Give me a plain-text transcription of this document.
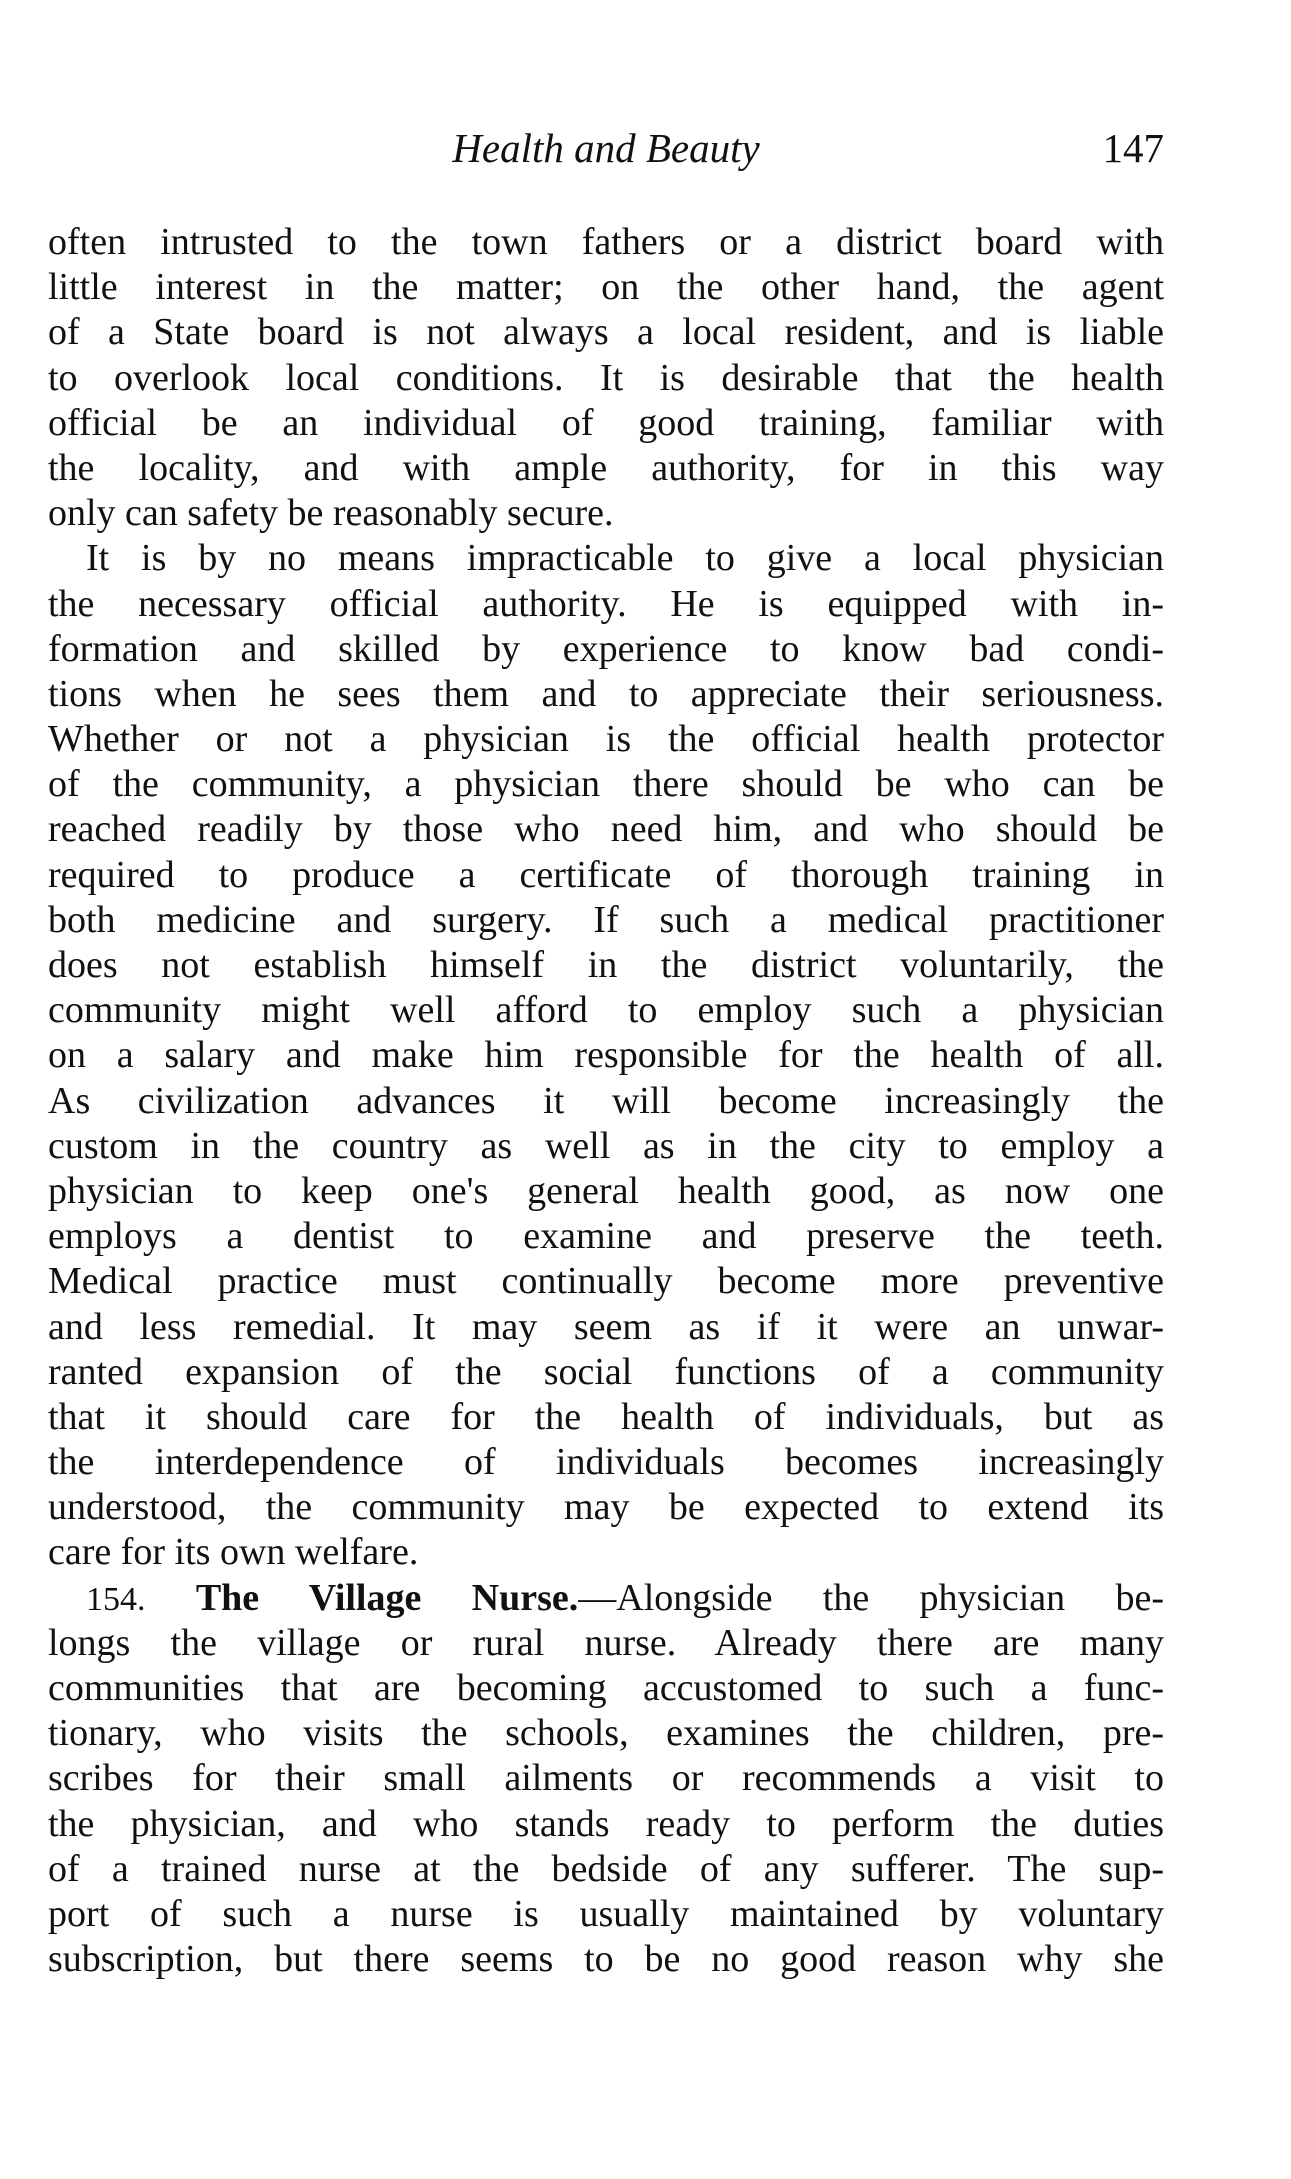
Health and Beauty	147
often intrusted to the town fathers or a district board with
little interest in the matter; on the other hand, the agent
of a State board is not always a local resident, and is liable
to overlook local conditions. It is desirable that the health
official be an individual of good training, familiar with
the locality, and with ample authority, for in this way
only can safety be reasonably secure.
It is by no means impracticable to give a local physician
the necessary official authority. He is equipped with in-
formation and skilled by experience to know bad condi-
tions when he sees them and to appreciate their seriousness.
Whether or not a physician is the official health protector
of the community, a physician there should be who can be
reached readily by those who need him, and who should be
required to produce a certificate of thorough training in
both medicine and surgery. If such a medical practitioner
does not establish himself in the district voluntarily, the
community might well afford to employ such a physician
on a salary and make him responsible for the health of all.
As civilization advances it will become increasingly the
custom in the country as well as in the city to employ a
physician to keep one's general health good, as now one
employs a dentist to examine and preserve the teeth.
Medical practice must continually become more preventive
and less remedial. It may seem as if it were an unwar-
ranted expansion of the social functions of a community
that it should care for the health of individuals, but as
the interdependence of individuals becomes increasingly
understood, the community may be expected to extend its
care for its own welfare.
154. The Village Nurse.—Alongside the physician be-
longs the village or rural nurse. Already there are many
communities that are becoming accustomed to such a func-
tionary, who visits the schools, examines the children, pre-
scribes for their small ailments or recommends a visit to
the physician, and who stands ready to perform the duties
of a trained nurse at the bedside of any sufferer. The sup-
port of such a nurse is usually maintained by voluntary
subscription, but there seems to be no good reason why she
